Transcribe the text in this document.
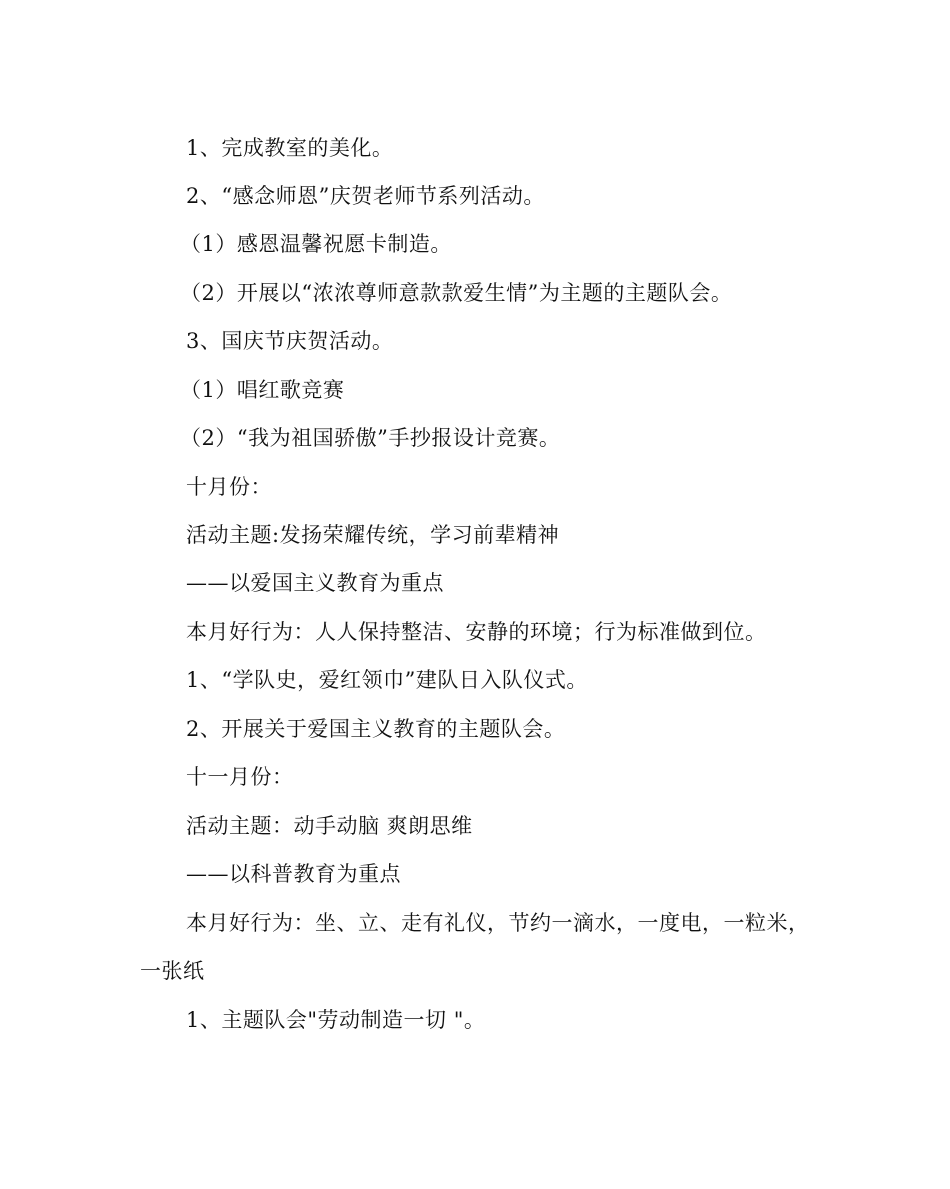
1、完成教室的美化。
2、“感念师恩”庆贺老师节系列活动。
（1）感恩温馨祝愿卡制造。
（2）开展以“浓浓尊师意款款爱生情”为主题的主题队会。
3、国庆节庆贺活动。
（1）唱红歌竞赛
（2）“我为祖国骄傲”手抄报设计竞赛。
十月份：
活动主题:发扬荣耀传统，学习前辈精神
——以爱国主义教育为重点
本月好行为：人人保持整洁、安静的环境；行为标准做到位。
1、“学队史，爱红领巾”建队日入队仪式。
2、开展关于爱国主义教育的主题队会。
十一月份：
活动主题：动手动脑 爽朗思维
——以科普教育为重点
本月好行为：坐、立、走有礼仪，节约一滴水，一度电，一粒米，
一张纸
1、主题队会"劳动制造一切 "。
